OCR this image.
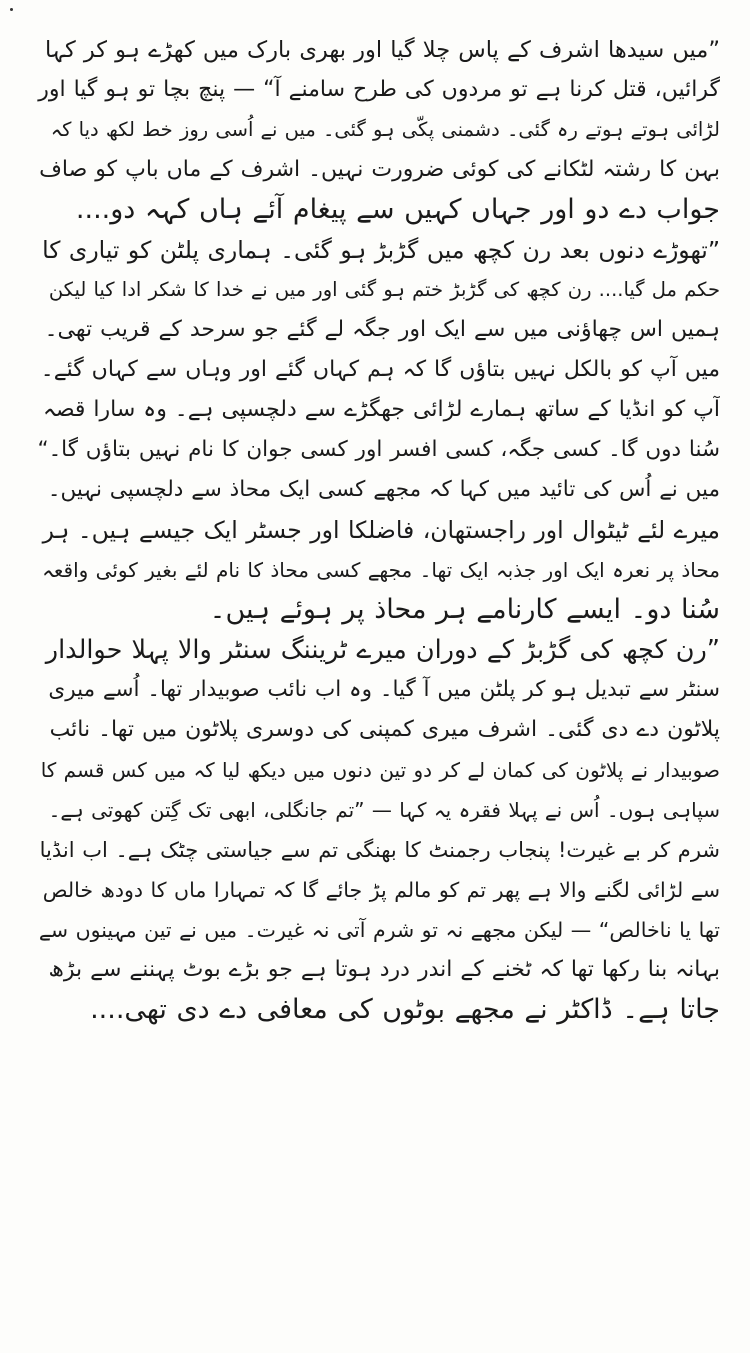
”میں سیدھا اشرف کے پاس چلا گیا اور بھری بارک میں کھڑے ہو کر کہا
گرائیں، قتل کرنا ہے تو مردوں کی طرح سامنے آ“ — پنچ بچا تو ہو گیا اور
لڑائی ہوتے ہوتے رہ گئی۔ دشمنی پکّی ہو گئی۔ میں نے اُسی روز خط لکھ دیا کہ
بہن کا رشتہ لٹکانے کی کوئی ضرورت نہیں۔ اشرف کے ماں باپ کو صاف
جواب دے دو اور جہاں کہیں سے پیغام آئے ہاں کہہ دو....
”تھوڑے دنوں بعد رن کچھ میں گڑبڑ ہو گئی۔ ہماری پلٹن کو تیاری کا
حکم مل گیا.... رن کچھ کی گڑبڑ ختم ہو گئی اور میں نے خدا کا شکر ادا کیا لیکن
ہمیں اس چھاؤنی میں سے ایک اور جگہ لے گئے جو سرحد کے قریب تھی۔
میں آپ کو بالکل نہیں بتاؤں گا کہ ہم کہاں گئے اور وہاں سے کہاں گئے۔
آپ کو انڈیا کے ساتھ ہمارے لڑائی جھگڑے سے دلچسپی ہے۔ وہ سارا قصہ
سُنا دوں گا۔ کسی جگہ، کسی افسر اور کسی جوان کا نام نہیں بتاؤں گا۔“
میں نے اُس کی تائید میں کہا کہ مجھے کسی ایک محاذ سے دلچسپی نہیں۔
میرے لئے ٹیٹوال اور راجستھان، فاضلکا اور جسٹر ایک جیسے ہیں۔ ہر
محاذ پر نعرہ ایک اور جذبہ ایک تھا۔ مجھے کسی محاذ کا نام لئے بغیر کوئی واقعہ
سُنا دو۔ ایسے کارنامے ہر محاذ پر ہوئے ہیں۔
”رن کچھ کی گڑبڑ کے دوران میرے ٹریننگ سنٹر والا پہلا حوالدار
سنٹر سے تبدیل ہو کر پلٹن میں آ گیا۔ وہ اب نائب صوبیدار تھا۔ اُسے میری
پلاٹون دے دی گئی۔ اشرف میری کمپنی کی دوسری پلاٹون میں تھا۔ نائب
صوبیدار نے پلاٹون کی کمان لے کر دو تین دنوں میں دیکھ لیا کہ میں کس قسم کا
سپاہی ہوں۔ اُس نے پہلا فقرہ یہ کہا — ”تم جانگلی، ابھی تک گِتن کھوتی ہے۔
شرم کر بے غیرت! پنجاب رجمنٹ کا بھنگی تم سے جیاستی چٹک ہے۔ اب انڈیا
سے لڑائی لگنے والا ہے پھر تم کو مالم پڑ جائے گا کہ تمہارا ماں کا دودھ خالص
تھا یا ناخالص“ — لیکن مجھے نہ تو شرم آتی نہ غیرت۔ میں نے تین مہینوں سے
بہانہ بنا رکھا تھا کہ ٹخنے کے اندر درد ہوتا ہے جو بڑے بوٹ پہننے سے بڑھ
جاتا ہے۔ ڈاکٹر نے مجھے بوٹوں کی معافی دے دی تھی....
